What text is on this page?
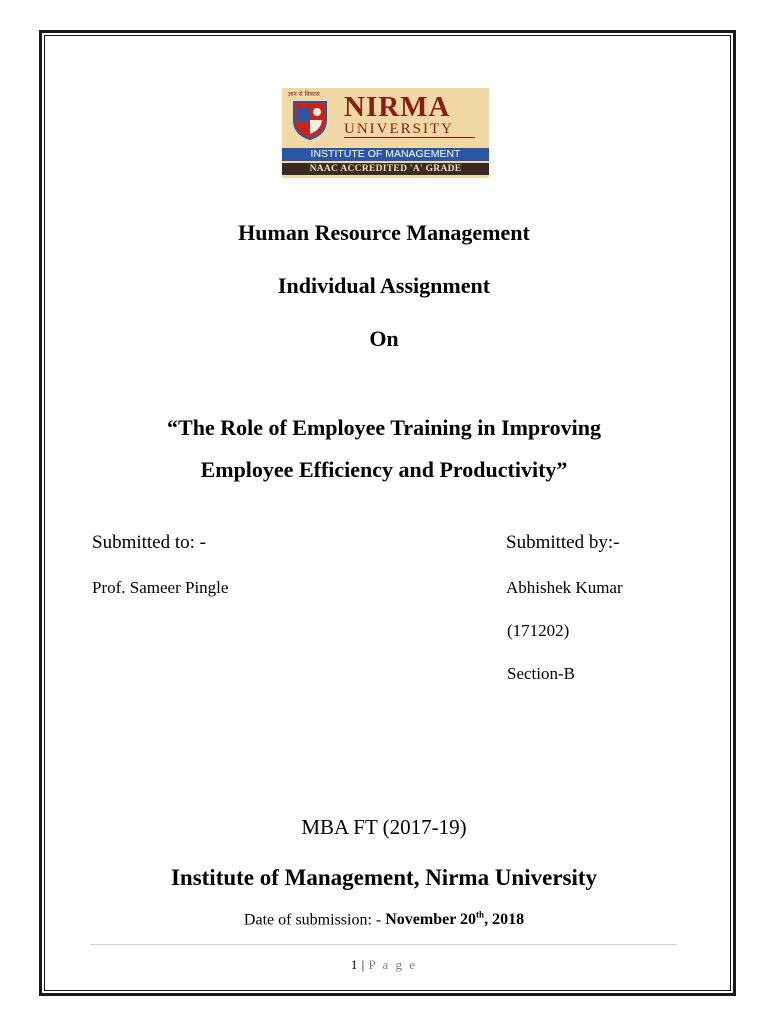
ज्ञान से विकास NIRMA
UNIVERSITY
INSTITUTE OF MANAGEMENT
NAAC ACCREDITED 'A' GRADE
Human Resource Management
Individual Assignment
On
“The Role of Employee Training in Improving
Employee Efficiency and Productivity”
Submitted to: -
Prof. Sameer Pingle
Submitted by:-
Abhishek Kumar
(171202)
Section-B
MBA FT (2017-19)
Institute of Management, Nirma University
Date of submission: - November 20th, 2018
1 | P a g e
